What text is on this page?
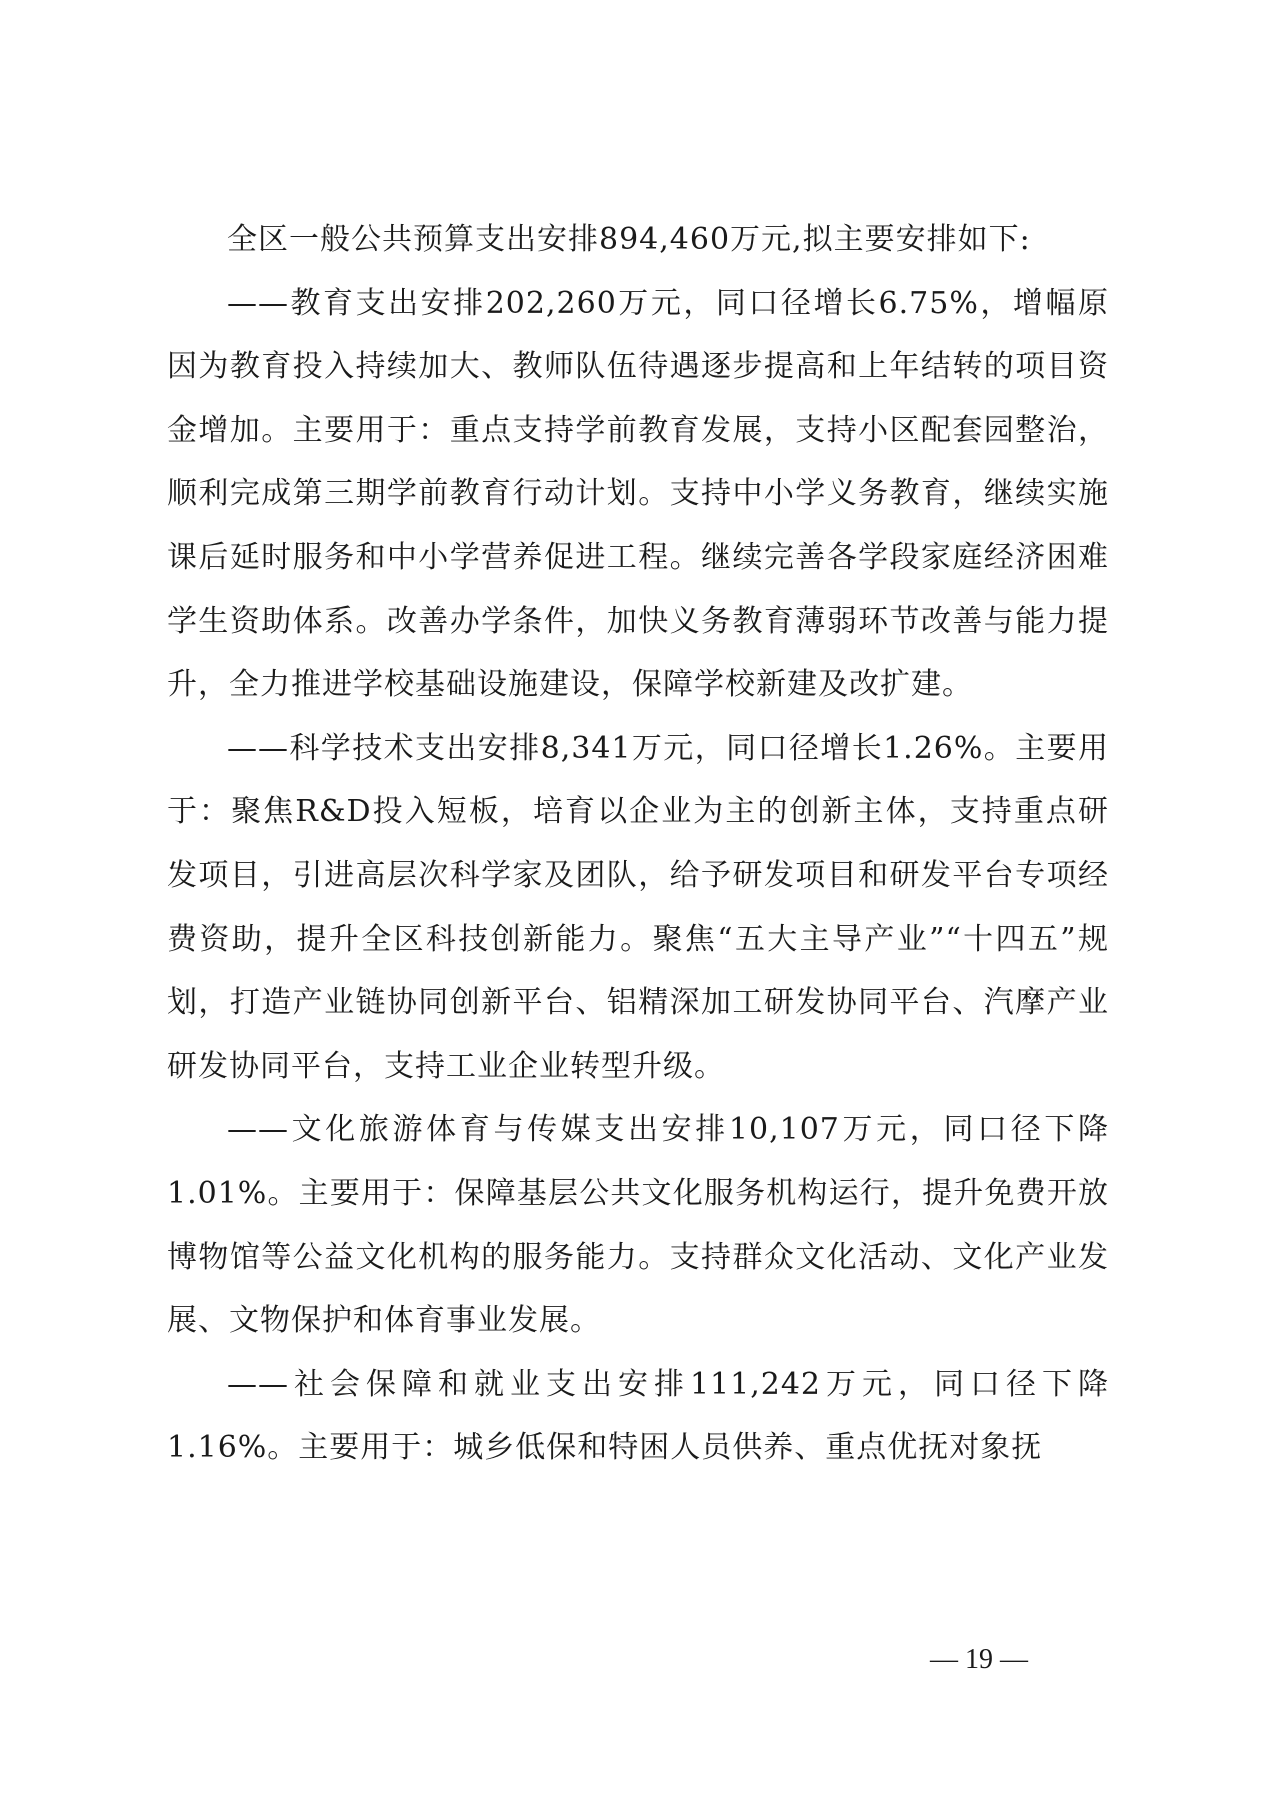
全区一般公共预算支出安排894,460万元,拟主要安排如下:

——教育支出安排202,260万元，同口径增长6.75%，增幅原因为教育投入持续加大、教师队伍待遇逐步提高和上年结转的项目资金增加。主要用于：重点支持学前教育发展，支持小区配套园整治，顺利完成第三期学前教育行动计划。支持中小学义务教育，继续实施课后延时服务和中小学营养促进工程。继续完善各学段家庭经济困难学生资助体系。改善办学条件，加快义务教育薄弱环节改善与能力提升，全力推进学校基础设施建设，保障学校新建及改扩建。

——科学技术支出安排8,341万元，同口径增长1.26%。主要用于：聚焦R&D投入短板，培育以企业为主的创新主体，支持重点研发项目，引进高层次科学家及团队，给予研发项目和研发平台专项经费资助，提升全区科技创新能力。聚焦“五大主导产业”“十四五”规划，打造产业链协同创新平台、铝精深加工研发协同平台、汽摩产业研发协同平台，支持工业企业转型升级。

——文化旅游体育与传媒支出安排10,107万元，同口径下降1.01%。主要用于：保障基层公共文化服务机构运行，提升免费开放博物馆等公益文化机构的服务能力。支持群众文化活动、文化产业发展、文物保护和体育事业发展。

——社会保障和就业支出安排111,242万元，同口径下降1.16%。主要用于：城乡低保和特困人员供养、重点优抚对象抚

— 19 —
